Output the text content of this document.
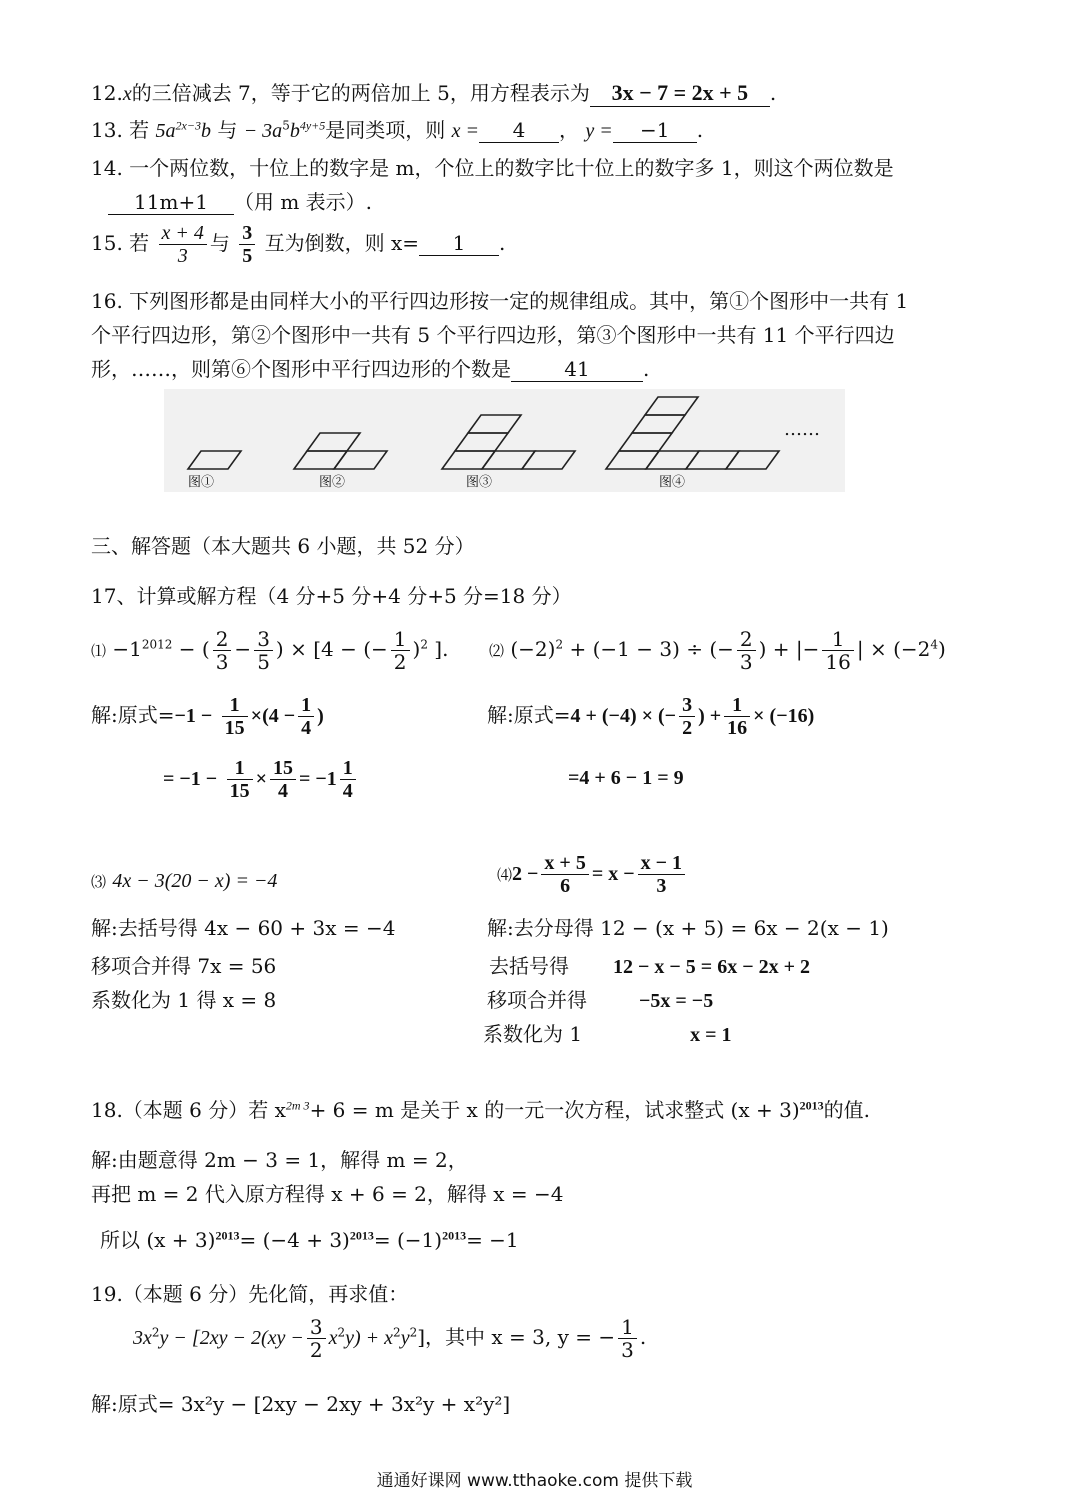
12.x的三倍减去 7，等于它的两倍加上 5，用方程表示为 3x − 7 = 2x + 5 .
13. 若 $5a^{2x-3}b$ 与 − $3a^5b^{4y+5}$是同类项，则 x = 4 ， y = −1 .
14. 一个两位数，十位上的数字是 m，个位上的数字比十位上的数字多 1，则这个两位数是
11m+1 （用 m 表示）.
15. 若 $\frac{x + 4}{3}$ 与 $\frac{3}{5}$ 互为倒数，则 x= 1 .
16. 下列图形都是由同样大小的平行四边形按一定的规律组成。其中，第①个图形中一共有 1
个平行四边形，第②个图形中一共有 5 个平行四边形，第③个图形中一共有 11 个平行四边
形，……，则第⑥个图形中平行四边形的个数是	41	.
图①	图②	图③	图④
……
三、解答题（本大题共 6 小题，共 52 分）
17、计算或解方程（4 分+5 分+4 分+5 分=18 分）
⑴ $-1^{2012}$ − ( $\frac{2}{3} - \frac{3}{5}$ ) × [4 − (− $\frac{1}{2} )^2$ ].	⑵ $(-2)^2 + (-1 - 3)$ ÷ (− $\frac{2}{3}$ ) + |− $\frac{1}{16}$ | × $(-2^4)$
解:原式$=-1 - \frac{1}{15} \times(4 - \frac{1}{4}$ )
= $-1 - \frac{1}{15} \times \frac{15}{4} = -1 \frac{1}{4}$
解:原式=4 + (−4) × (− $\frac{3}{2}$ ) + $\frac{1}{16} \times (-16)$
=4 + 6 − 1 = 9
⑶ 4x − 3(20 − x) = −4
解:去括号得 4x − 60 + 3x = −4
移项合并得 7x = 56
系数化为 1 得 x = 8
⑷2 − $\frac{x + 5}{6} = x - \frac{x - 1}{3}$
解:去分母得 12 − (x + 5) = 6x − 2(x − 1)
去括号得 12 − x − 5 = 6x − 2x + 2
移项合并得	−5x = −5
系数化为 1	x = 1
18.（本题 6 分）若 $x^{2m 3}+ 6 = m$ 是关于 x 的一元一次方程，试求整式 $(x + 3)^{2013}$的值.
解:由题意得 2m − 3 = 1，解得 m = 2，
再把 m = 2 代入原方程得 x + 6 = 2，解得 x = −4
所以 $(x + 3)^{2013}= (-4 + 3)^{2013}= (-1)^{2013}= -1$
19.（本题 6 分）先化简，再求值：
$3x^2y - [2xy - 2(xy - \frac{3}{2} x^2y) + x^2y^2]$，其中 x = 3, y = − $\frac{1}{3}$ .
解:原式= 3x²y − [2xy − 2xy + 3x²y + x²y²]
通通好课网 www.tthaoke.com 提供下载
